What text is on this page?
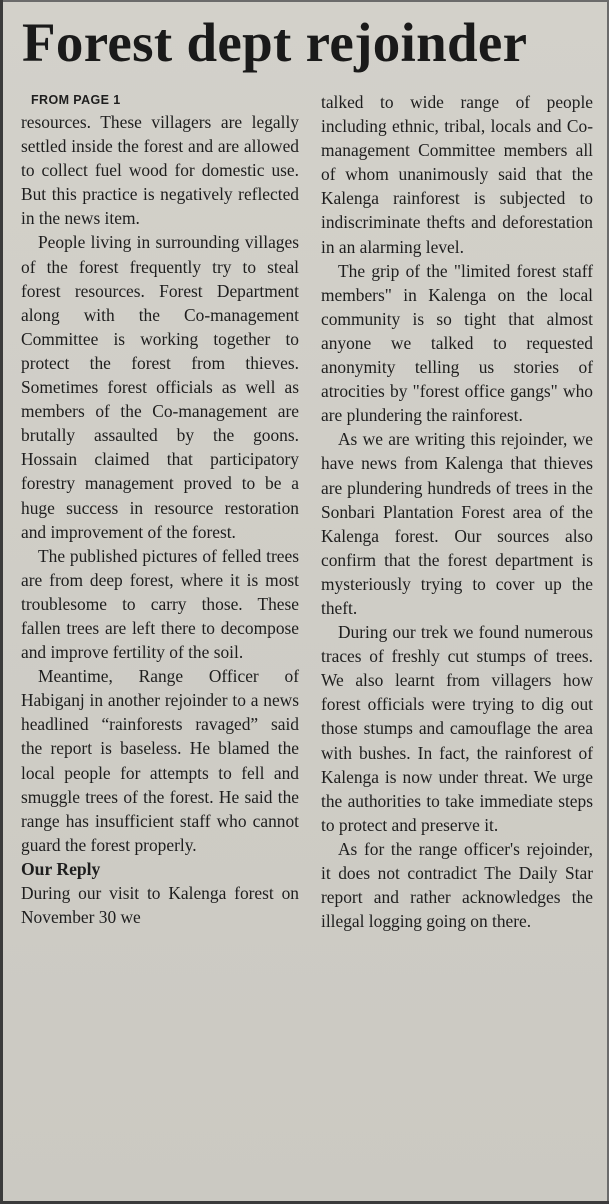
Forest dept rejoinder
FROM PAGE 1

resources. These villagers are legally settled inside the forest and are allowed to collect fuel wood for domestic use. But this practice is negatively reflected in the news item.

People living in surrounding villages of the forest frequently try to steal forest resources. Forest Department along with the Co-management Committee is working together to protect the forest from thieves. Sometimes forest officials as well as members of the Co-management are brutally assaulted by the goons. Hossain claimed that participatory forestry management proved to be a huge success in resource restoration and improvement of the forest.

The published pictures of felled trees are from deep forest, where it is most troublesome to carry those. These fallen trees are left there to decompose and improve fertility of the soil.

Meantime, Range Officer of Habiganj in another rejoinder to a news headlined “rainforests ravaged” said the report is baseless. He blamed the local people for attempts to fell and smuggle trees of the forest. He said the range has insufficient staff who cannot guard the forest properly.

Our Reply

During our visit to Kalenga forest on November 30 we

talked to wide range of people including ethnic, tribal, locals and Co-management Committee members all of whom unanimously said that the Kalenga rainforest is subjected to indiscriminate thefts and deforestation in an alarming level.

The grip of the "limited forest staff members" in Kalenga on the local community is so tight that almost anyone we talked to requested anonymity telling us stories of atrocities by "forest office gangs" who are plundering the rainforest.

As we are writing this rejoinder, we have news from Kalenga that thieves are plundering hundreds of trees in the Sonbari Plantation Forest area of the Kalenga forest. Our sources also confirm that the forest department is mysteriously trying to cover up the theft.

During our trek we found numerous traces of freshly cut stumps of trees. We also learnt from villagers how forest officials were trying to dig out those stumps and camouflage the area with bushes. In fact, the rainforest of Kalenga is now under threat. We urge the authorities to take immediate steps to protect and preserve it.

As for the range officer's rejoinder, it does not contradict The Daily Star report and rather acknowledges the illegal logging going on there.
